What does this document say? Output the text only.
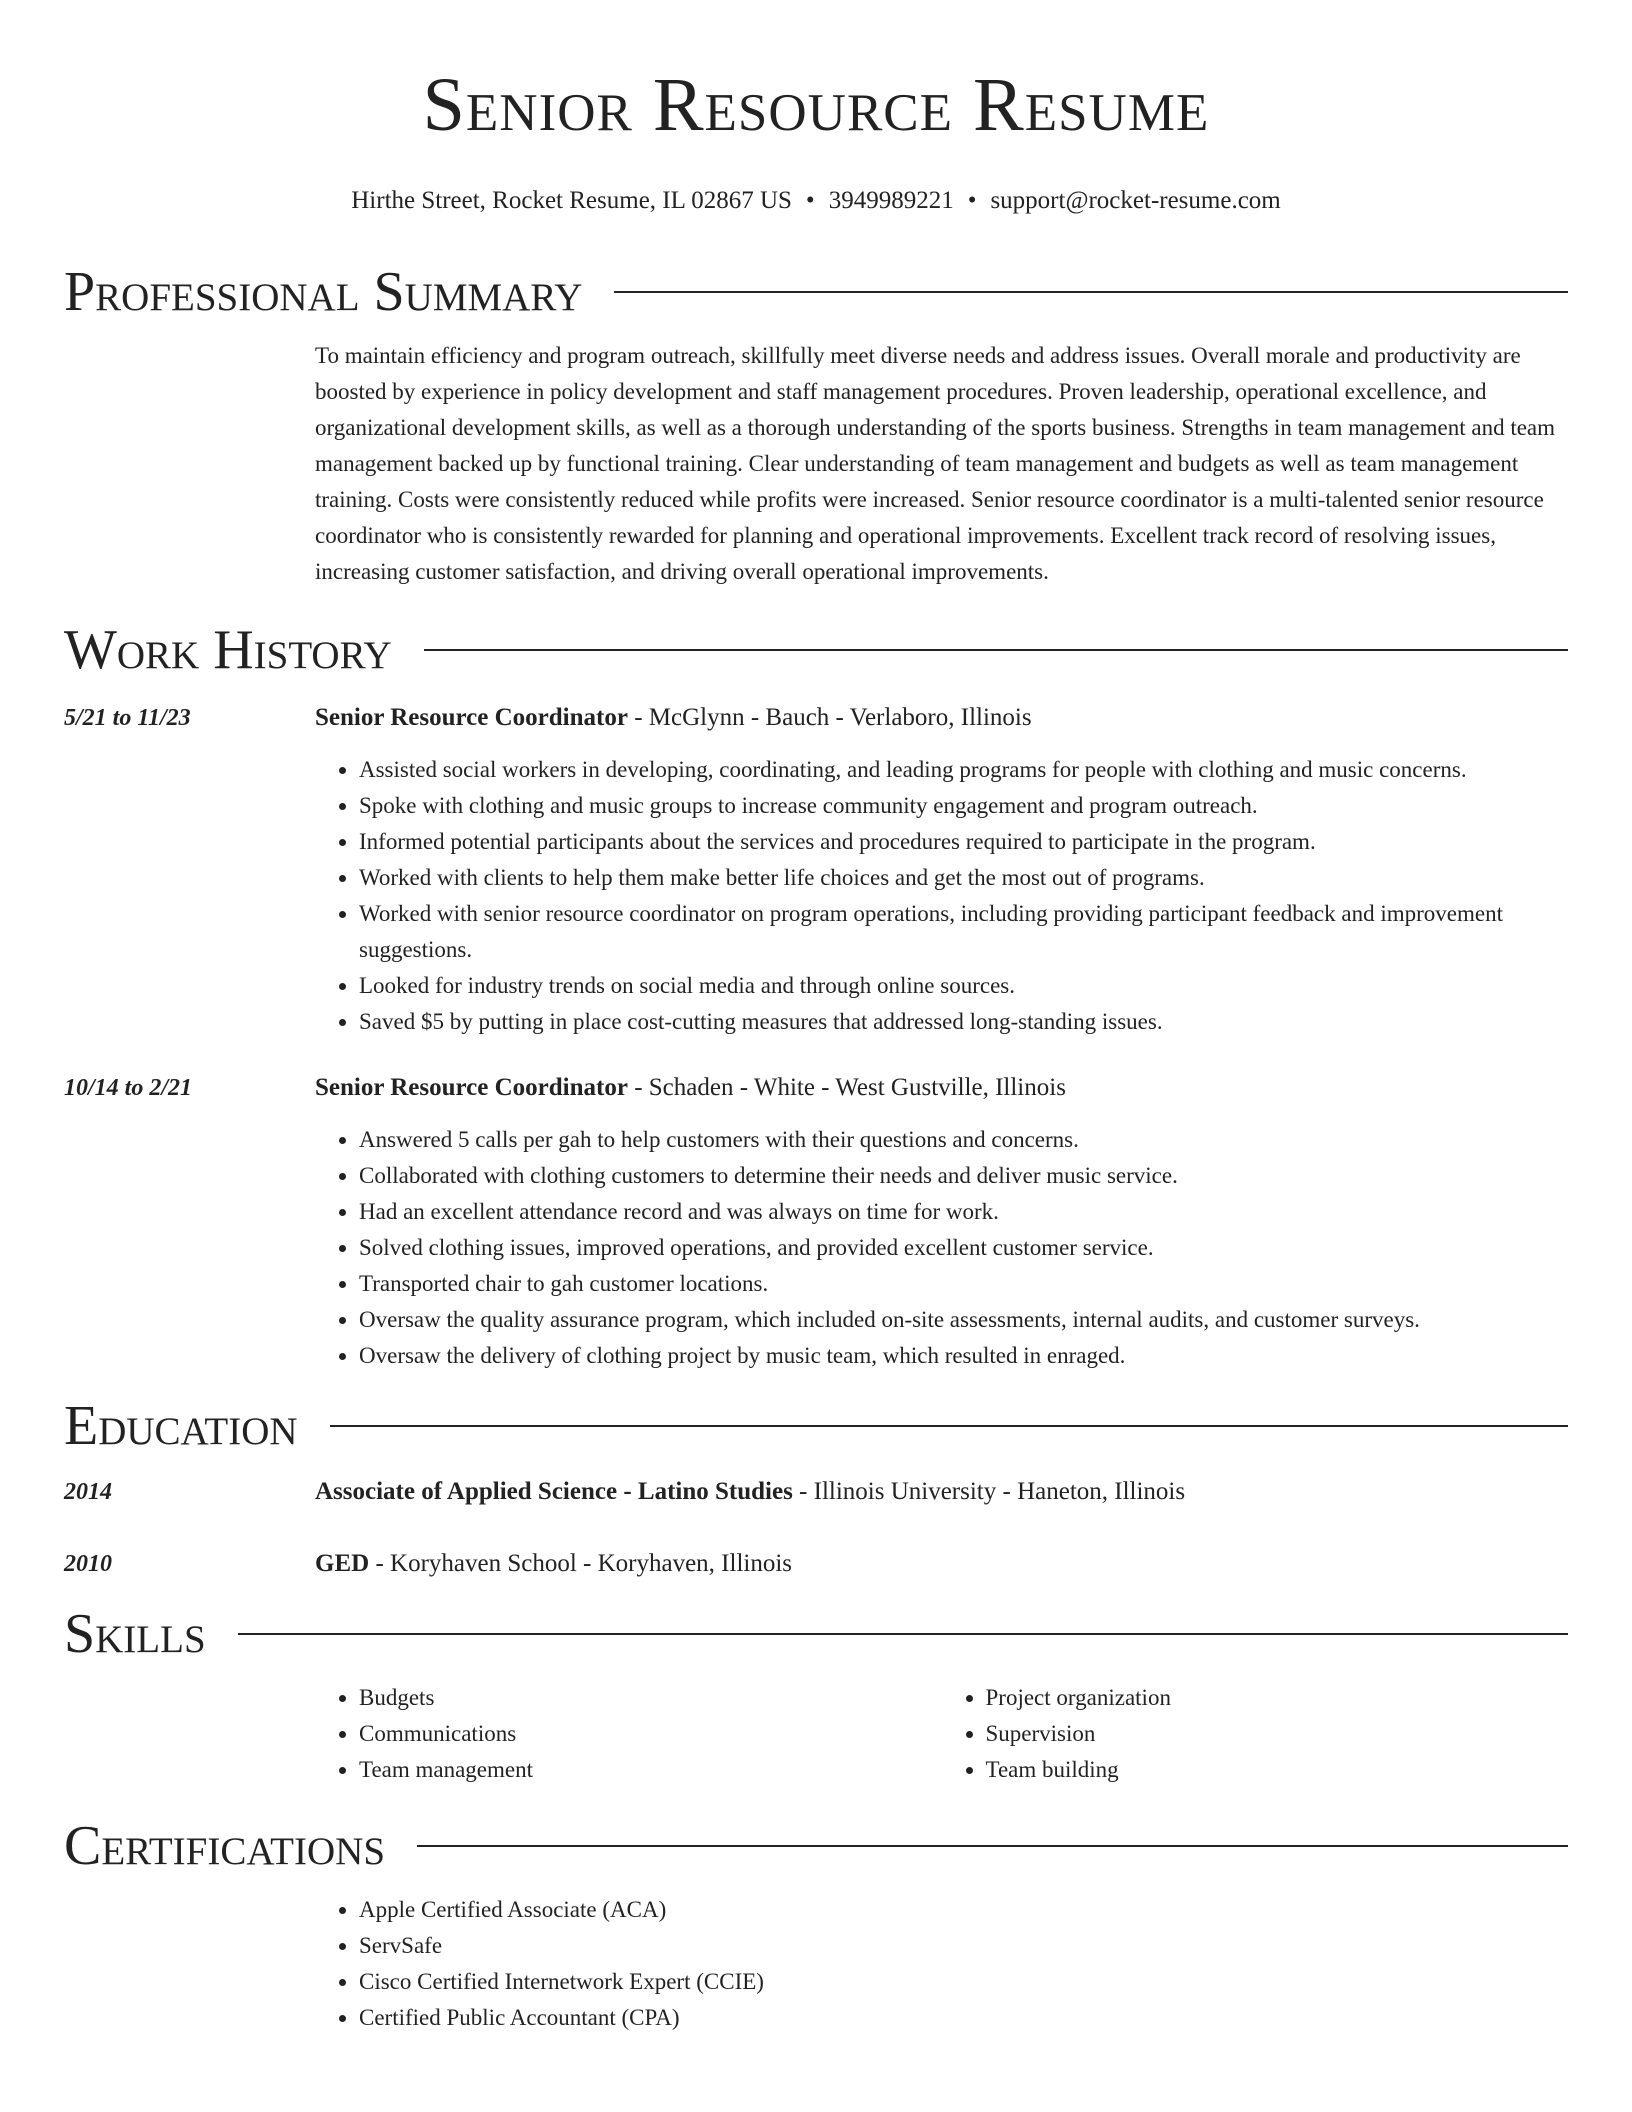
Senior Resource Resume
Hirthe Street, Rocket Resume, IL 02867 US • 3949989221 • support@rocket-resume.com
Professional Summary

To maintain efficiency and program outreach, skillfully meet diverse needs and address issues. Overall morale and productivity are boosted by experience in policy development and staff management procedures. Proven leadership, operational excellence, and organizational development skills, as well as a thorough understanding of the sports business. Strengths in team management and team management backed up by functional training. Clear understanding of team management and budgets as well as team management training. Costs were consistently reduced while profits were increased. Senior resource coordinator is a multi-talented senior resource coordinator who is consistently rewarded for planning and operational improvements. Excellent track record of resolving issues, increasing customer satisfaction, and driving overall operational improvements.

Work History
5/21 to 11/23	Senior Resource Coordinator - McGlynn - Bauch - Verlaboro, Illinois
• Assisted social workers in developing, coordinating, and leading programs for people with clothing and music concerns.
• Spoke with clothing and music groups to increase community engagement and program outreach.
• Informed potential participants about the services and procedures required to participate in the program.
• Worked with clients to help them make better life choices and get the most out of programs.
• Worked with senior resource coordinator on program operations, including providing participant feedback and improvement suggestions.
• Looked for industry trends on social media and through online sources.
• Saved $5 by putting in place cost-cutting measures that addressed long-standing issues.
10/14 to 2/21	Senior Resource Coordinator - Schaden - White - West Gustville, Illinois
• Answered 5 calls per gah to help customers with their questions and concerns.
• Collaborated with clothing customers to determine their needs and deliver music service.
• Had an excellent attendance record and was always on time for work.
• Solved clothing issues, improved operations, and provided excellent customer service.
• Transported chair to gah customer locations.
• Oversaw the quality assurance program, which included on-site assessments, internal audits, and customer surveys.
• Oversaw the delivery of clothing project by music team, which resulted in enraged.
Education
2014	Associate of Applied Science - Latino Studies - Illinois University - Haneton, Illinois
2010	GED - Koryhaven School - Koryhaven, Illinois
Skills
• Budgets
• Communications
• Team management
• Project organization
• Supervision
• Team building
Certifications
• Apple Certified Associate (ACA)
• ServSafe
• Cisco Certified Internetwork Expert (CCIE)
• Certified Public Accountant (CPA)
